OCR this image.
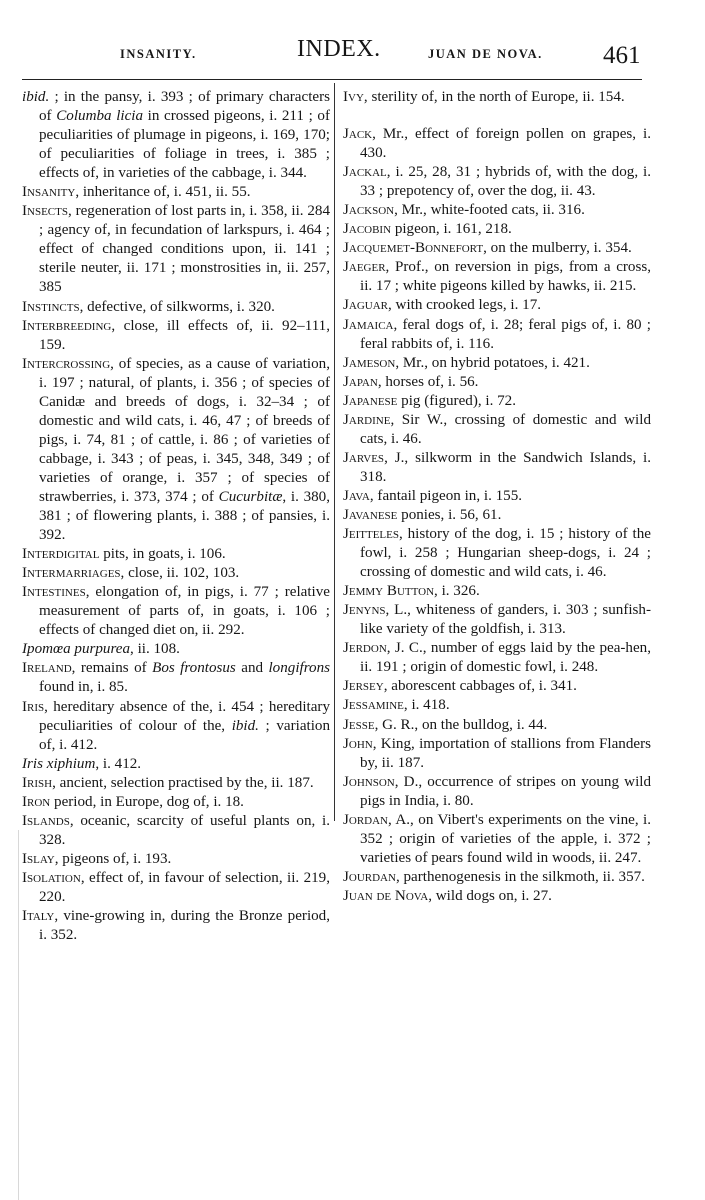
INSANITY.	INDEX.	JUAN DE NOVA. 461

ibid. ; in the pansy, i. 393 ; of primary characters of Columba licia in crossed pigeons, i. 211 ; of peculiarities of plumage in pigeons, i. 169, 170; of peculiarities of foliage in trees, i. 385 ; effects of, in varieties of the cabbage, i. 344.

Insanity, inheritance of, i. 451, ii. 55.

Insects, regeneration of lost parts in, i. 358, ii. 284 ; agency of, in fecundation of larkspurs, i. 464 ; effect of changed conditions upon, ii. 141 ; sterile neuter, ii. 171 ; monstrosities in, ii. 257, 385

Instincts, defective, of silkworms, i. 320.

Interbreeding, close, ill effects of, ii. 92–111, 159.

Intercrossing, of species, as a cause of variation, i. 197 ; natural, of plants, i. 356 ; of species of Canidæ and breeds of dogs, i. 32–34 ; of domestic and wild cats, i. 46, 47 ; of breeds of pigs, i. 74, 81 ; of cattle, i. 86 ; of varieties of cabbage, i. 343 ; of peas, i. 345, 348, 349 ; of varieties of orange, i. 357 ; of species of strawberries, i. 373, 374 ; of Cucurbitæ, i. 380, 381 ; of flowering plants, i. 388 ; of pansies, i. 392.

Interdigital pits, in goats, i. 106.

Intermarriages, close, ii. 102, 103.

Intestines, elongation of, in pigs, i. 77 ; relative measurement of parts of, in goats, i. 106 ; effects of changed diet on, ii. 292.

Ipomœa purpurea, ii. 108.

Ireland, remains of Bos frontosus and longifrons found in, i. 85.

Iris, hereditary absence of the, i. 454 ; hereditary peculiarities of colour of the, ibid. ; variation of, i. 412.

Iris xiphium, i. 412.

Irish, ancient, selection practised by the, ii. 187.

Iron period, in Europe, dog of, i. 18.

Islands, oceanic, scarcity of useful plants on, i. 328.

Islay, pigeons of, i. 193.

Isolation, effect of, in favour of selection, ii. 219, 220.

Italy, vine-growing in, during the Bronze period, i. 352.

Ivy, sterility of, in the north of Europe, ii. 154.

Jack, Mr., effect of foreign pollen on grapes, i. 430.

Jackal, i. 25, 28, 31 ; hybrids of, with the dog, i. 33 ; prepotency of, over the dog, ii. 43.

Jackson, Mr., white-footed cats, ii. 316.

Jacobin pigeon, i. 161, 218.

Jacquemet-Bonnefort, on the mulberry, i. 354.

Jaeger, Prof., on reversion in pigs, from a cross, ii. 17 ; white pigeons killed by hawks, ii. 215.

Jaguar, with crooked legs, i. 17.

Jamaica, feral dogs of, i. 28; feral pigs of, i. 80 ; feral rabbits of, i. 116.

Jameson, Mr., on hybrid potatoes, i. 421.

Japan, horses of, i. 56.

Japanese pig (figured), i. 72.

Jardine, Sir W., crossing of domestic and wild cats, i. 46.

Jarves, J., silkworm in the Sandwich Islands, i. 318.

Java, fantail pigeon in, i. 155.

Javanese ponies, i. 56, 61.

Jeitteles, history of the dog, i. 15 ; history of the fowl, i. 258 ; Hungarian sheep-dogs, i. 24 ; crossing of domestic and wild cats, i. 46.

Jemmy Button, i. 326.

Jenyns, L., whiteness of ganders, i. 303 ; sunfish-like variety of the goldfish, i. 313.

Jerdon, J. C., number of eggs laid by the pea-hen, ii. 191 ; origin of domestic fowl, i. 248.

Jersey, aborescent cabbages of, i. 341.

Jessamine, i. 418.

Jesse, G. R., on the bulldog, i. 44.

John, King, importation of stallions from Flanders by, ii. 187.

Johnson, D., occurrence of stripes on young wild pigs in India, i. 80.

Jordan, A., on Vibert's experiments on the vine, i. 352 ; origin of varieties of the apple, i. 372 ; varieties of pears found wild in woods, ii. 247.

Jourdan, parthenogenesis in the silkmoth, ii. 357.

Juan de Nova, wild dogs on, i. 27.
